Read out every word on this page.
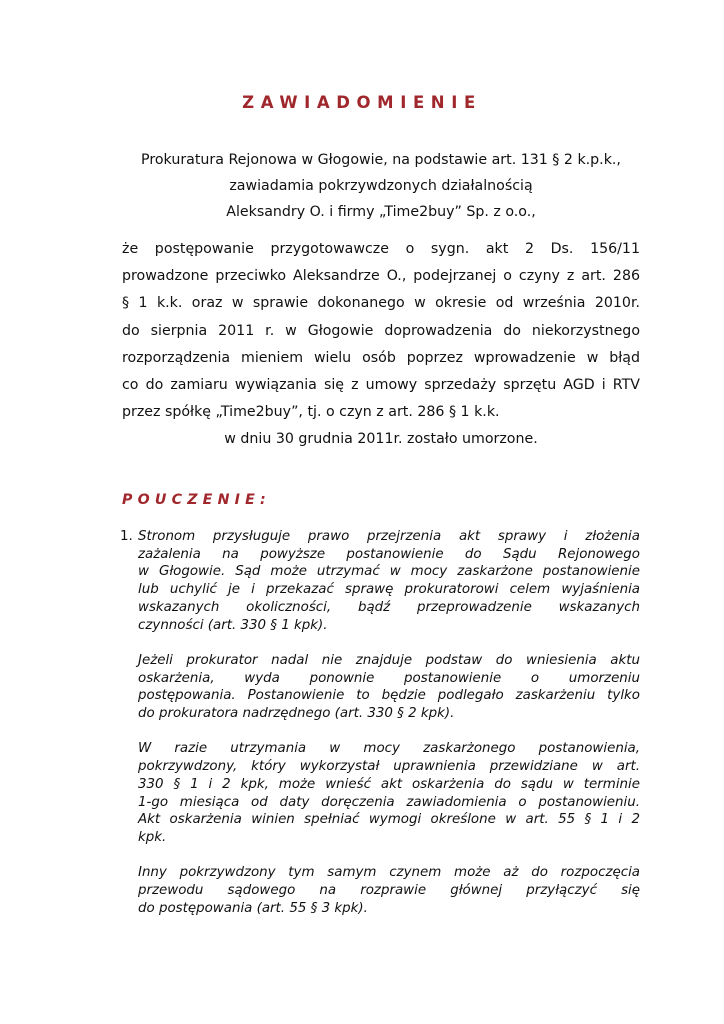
ZAWIADOMIENIE
Prokuratura Rejonowa w Głogowie, na podstawie art. 131 § 2 k.p.k.,
zawiadamia pokrzywdzonych działalnością
Aleksandry O. i firmy „Time2buy” Sp. z o.o.,
że postępowanie przygotowawcze o sygn. akt 2 Ds. 156/11
prowadzone przeciwko Aleksandrze O., podejrzanej o czyny z art. 286
§ 1 k.k. oraz w sprawie dokonanego w okresie od września 2010r.
do sierpnia 2011 r. w Głogowie doprowadzenia do niekorzystnego
rozporządzenia mieniem wielu osób poprzez wprowadzenie w błąd
co do zamiaru wywiązania się z umowy sprzedaży sprzętu AGD i RTV
przez spółkę „Time2buy”, tj. o czyn z art. 286 § 1 k.k.
w dniu 30 grudnia 2011r. zostało umorzone.
POUCZENIE:
1. Stronom przysługuje prawo przejrzenia akt sprawy i złożenia
zażalenia na powyższe postanowienie do Sądu Rejonowego
w Głogowie. Sąd może utrzymać w mocy zaskarżone postanowienie
lub uchylić je i przekazać sprawę prokuratorowi celem wyjaśnienia
wskazanych okoliczności, bądź przeprowadzenie wskazanych
czynności (art. 330 § 1 kpk).
Jeżeli prokurator nadal nie znajduje podstaw do wniesienia aktu
oskarżenia, wyda ponownie postanowienie o umorzeniu
postępowania. Postanowienie to będzie podlegało zaskarżeniu tylko
do prokuratora nadrzędnego (art. 330 § 2 kpk).
W razie utrzymania w mocy zaskarżonego postanowienia,
pokrzywdzony, który wykorzystał uprawnienia przewidziane w art.
330 § 1 i 2 kpk, może wnieść akt oskarżenia do sądu w terminie
1-go miesiąca od daty doręczenia zawiadomienia o postanowieniu.
Akt oskarżenia winien spełniać wymogi określone w art. 55 § 1 i 2
kpk.
Inny pokrzywdzony tym samym czynem może aż do rozpoczęcia
przewodu sądowego na rozprawie głównej przyłączyć się
do postępowania (art. 55 § 3 kpk).
